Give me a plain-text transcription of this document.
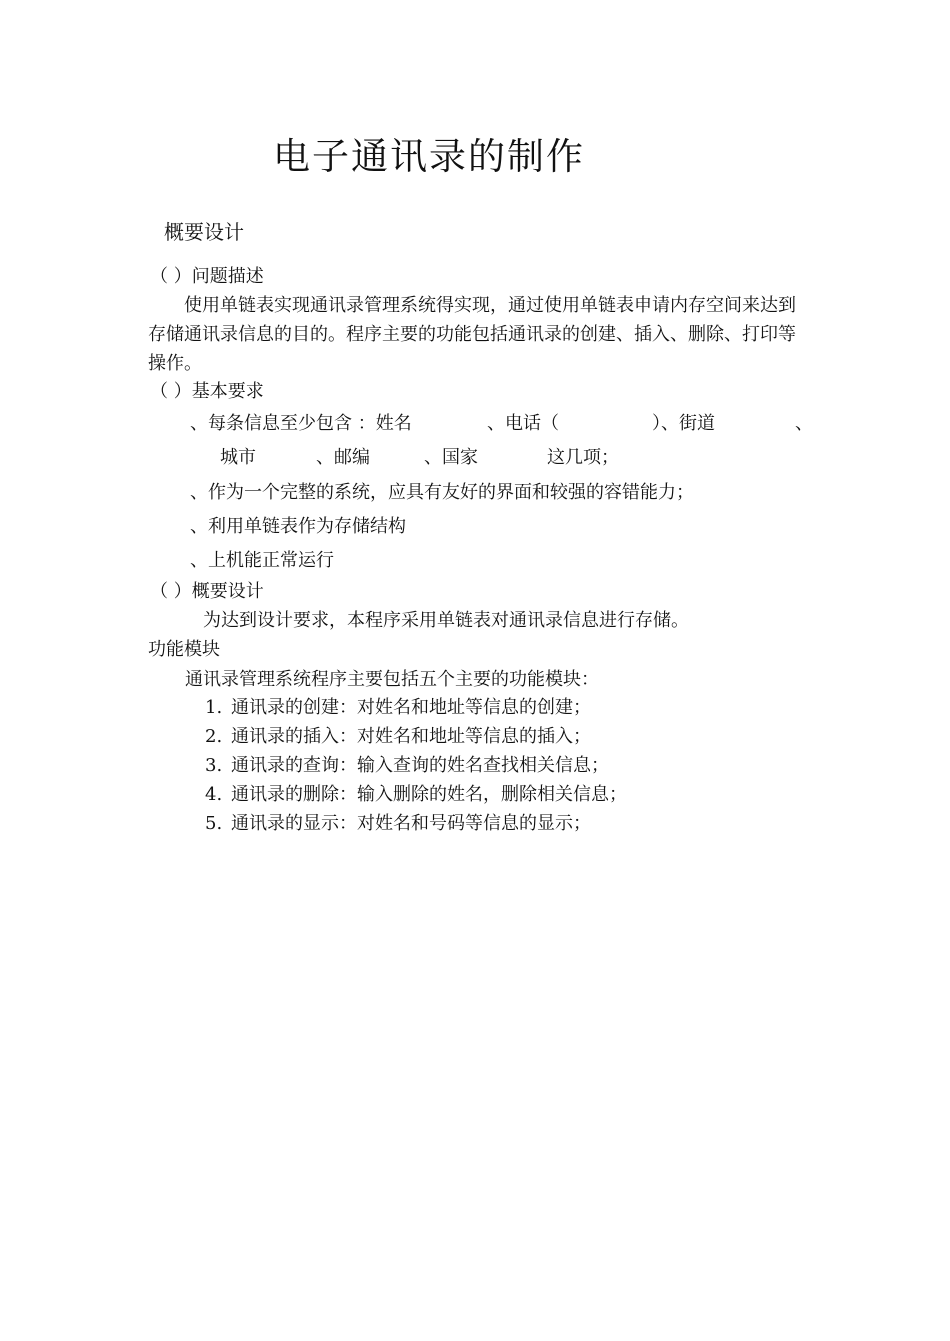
电子通讯录的制作
概要设计
（ ）问题描述
使用单链表实现通讯录管理系统得实现，通过使用单链表申请内存空间来达到存储通讯录信息的目的。程序主要的功能包括通讯录的创建、插入、删除、打印等操作。
（ ）基本要求
、每条信息至少包含 ：姓名	、电话（	）、街道	、
城市	、邮编	、国家	这几项；
、作为一个完整的系统，应具有友好的界面和较强的容错能力；
、利用单链表作为存储结构
、上机能正常运行
（ ）概要设计
为达到设计要求，本程序采用单链表对通讯录信息进行存储。
功能模块
通讯录管理系统程序主要包括五个主要的功能模块：
1. 通讯录的创建：对姓名和地址等信息的创建；
2. 通讯录的插入：对姓名和地址等信息的插入；
3. 通讯录的查询：输入查询的姓名查找相关信息；
4. 通讯录的删除：输入删除的姓名，删除相关信息；
5. 通讯录的显示：对姓名和号码等信息的显示；
